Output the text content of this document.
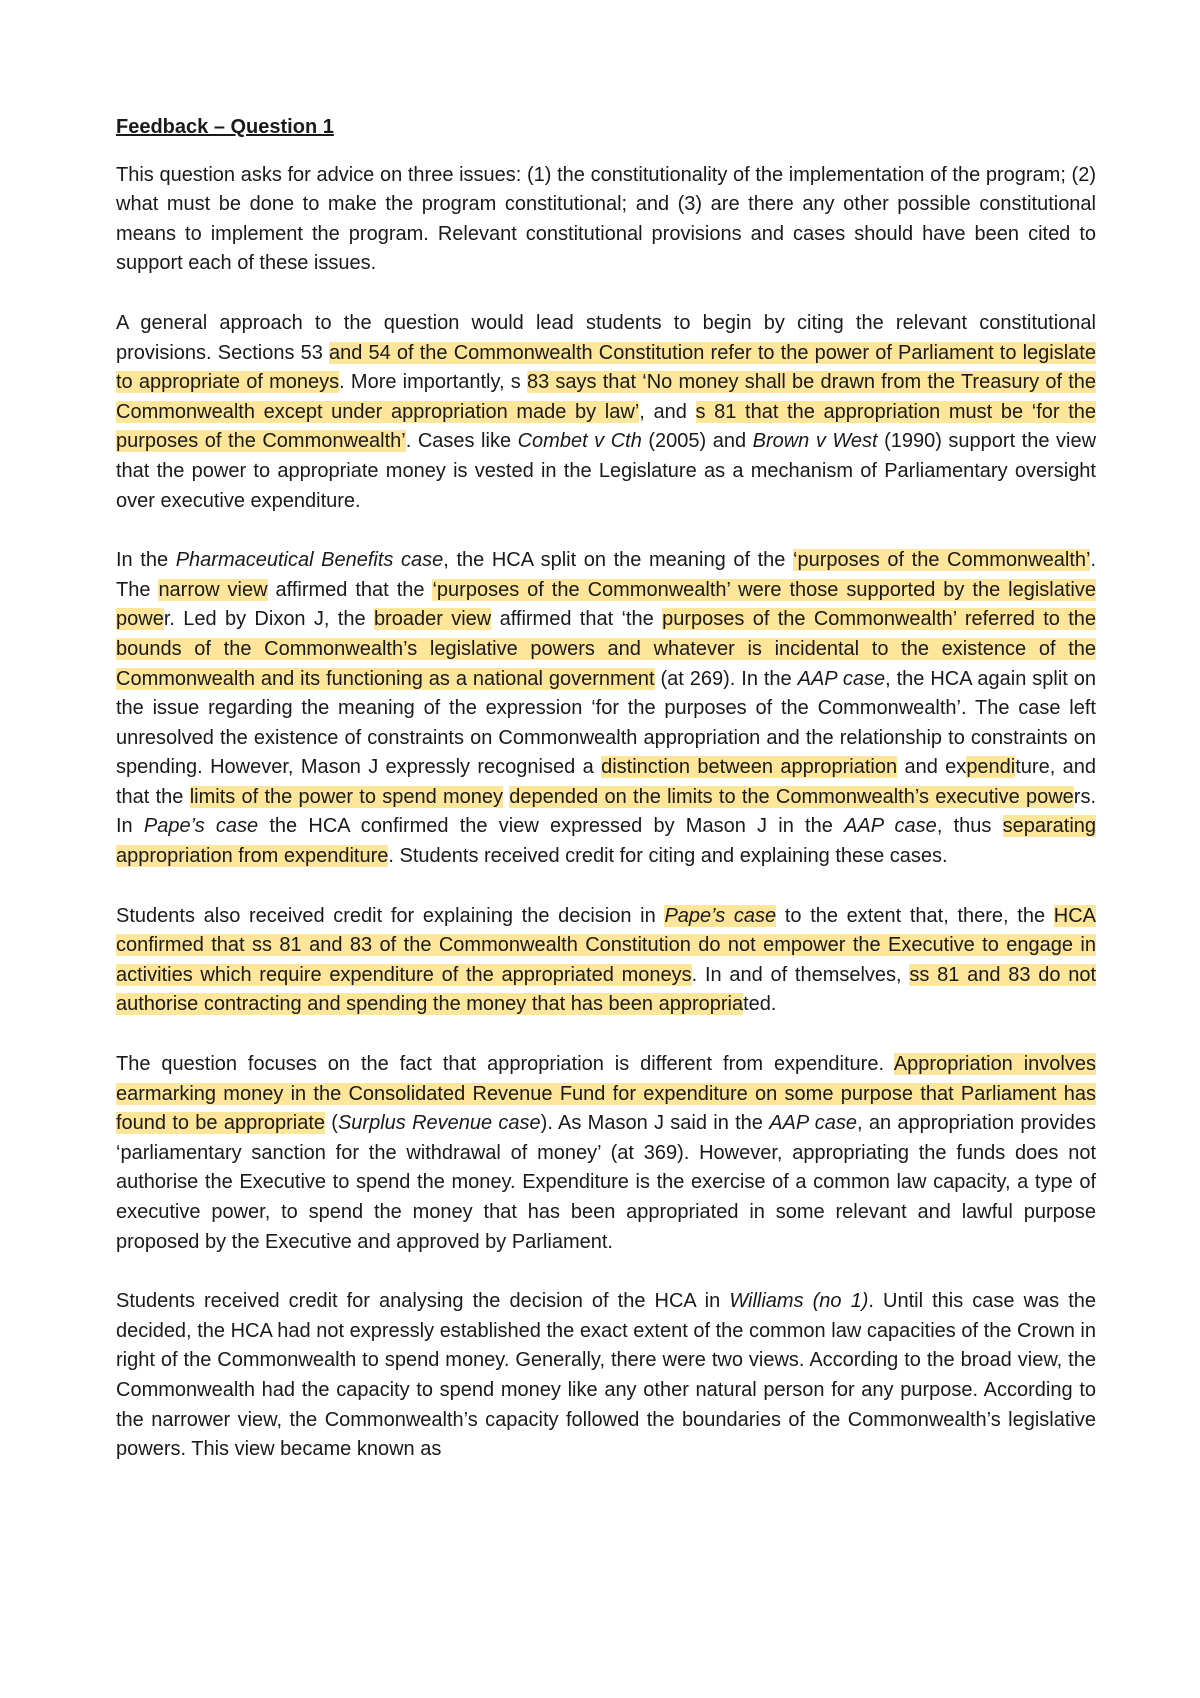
Feedback – Question 1

This question asks for advice on three issues: (1) the constitutionality of the implementation of the program; (2) what must be done to make the program constitutional; and (3) are there any other possible constitutional means to implement the program. Relevant constitutional provisions and cases should have been cited to support each of these issues.

A general approach to the question would lead students to begin by citing the relevant constitutional provisions. Sections 53 and 54 of the Commonwealth Constitution refer to the power of Parliament to legislate to appropriate of moneys. More importantly, s 83 says that ‘No money shall be drawn from the Treasury of the Commonwealth except under appropriation made by law’, and s 81 that the appropriation must be ‘for the purposes of the Commonwealth’. Cases like Combet v Cth (2005) and Brown v West (1990) support the view that the power to appropriate money is vested in the Legislature as a mechanism of Parliamentary oversight over executive expenditure.

In the Pharmaceutical Benefits case, the HCA split on the meaning of the ‘purposes of the Commonwealth’. The narrow view affirmed that the ‘purposes of the Commonwealth’ were those supported by the legislative power. Led by Dixon J, the broader view affirmed that ‘the purposes of the Commonwealth’ referred to the bounds of the Commonwealth’s legislative powers and whatever is incidental to the existence of the Commonwealth and its functioning as a national government (at 269). In the AAP case, the HCA again split on the issue regarding the meaning of the expression ‘for the purposes of the Commonwealth’. The case left unresolved the existence of constraints on Commonwealth appropriation and the relationship to constraints on spending. However, Mason J expressly recognised a distinction between appropriation and expenditure, and that the limits of the power to spend money depended on the limits to the Commonwealth’s executive powers. In Pape’s case the HCA confirmed the view expressed by Mason J in the AAP case, thus separating appropriation from expenditure. Students received credit for citing and explaining these cases.

Students also received credit for explaining the decision in Pape’s case to the extent that, there, the HCA confirmed that ss 81 and 83 of the Commonwealth Constitution do not empower the Executive to engage in activities which require expenditure of the appropriated moneys. In and of themselves, ss 81 and 83 do not authorise contracting and spending the money that has been appropriated.

The question focuses on the fact that appropriation is different from expenditure. Appropriation involves earmarking money in the Consolidated Revenue Fund for expenditure on some purpose that Parliament has found to be appropriate (Surplus Revenue case). As Mason J said in the AAP case, an appropriation provides ‘parliamentary sanction for the withdrawal of money’ (at 369). However, appropriating the funds does not authorise the Executive to spend the money. Expenditure is the exercise of a common law capacity, a type of executive power, to spend the money that has been appropriated in some relevant and lawful purpose proposed by the Executive and approved by Parliament.

Students received credit for analysing the decision of the HCA in Williams (no 1). Until this case was the decided, the HCA had not expressly established the exact extent of the common law capacities of the Crown in right of the Commonwealth to spend money. Generally, there were two views. According to the broad view, the Commonwealth had the capacity to spend money like any other natural person for any purpose. According to the narrower view, the Commonwealth’s capacity followed the boundaries of the Commonwealth’s legislative powers. This view became known as
